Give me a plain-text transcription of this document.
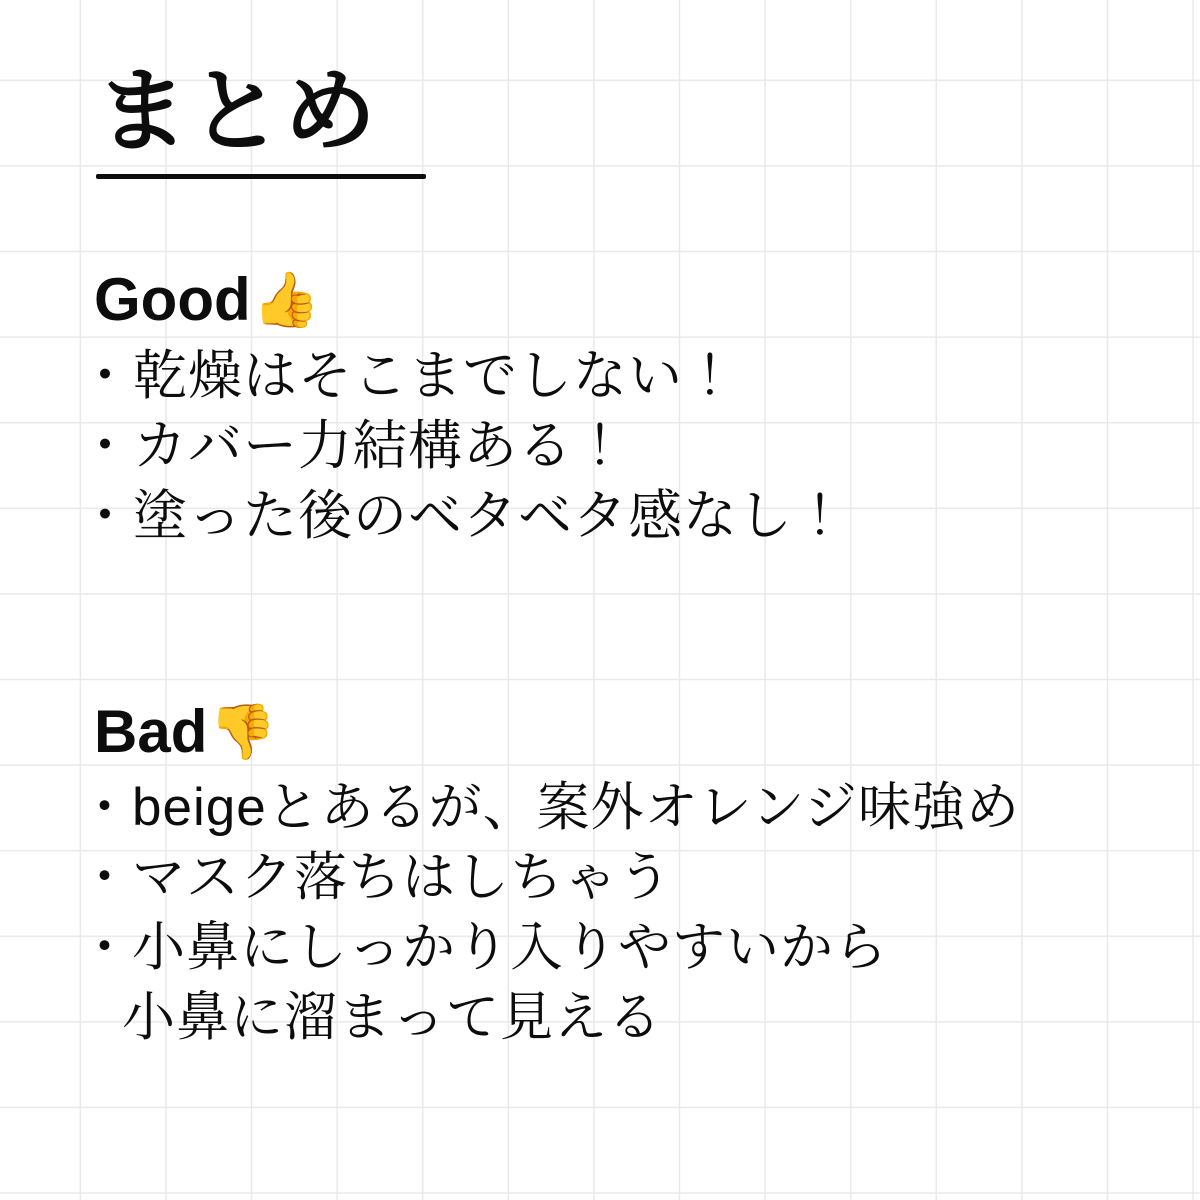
まとめ
Good 👍
・乾燥はそこまでしない！
・カバー力結構ある！
・塗った後のベタベタ感なし！
Bad 👎
・beigeとあるが、案外オレンジ味強め
・マスク落ちはしちゃう
・小鼻にしっかり入りやすいから
小鼻に溜まって見える
